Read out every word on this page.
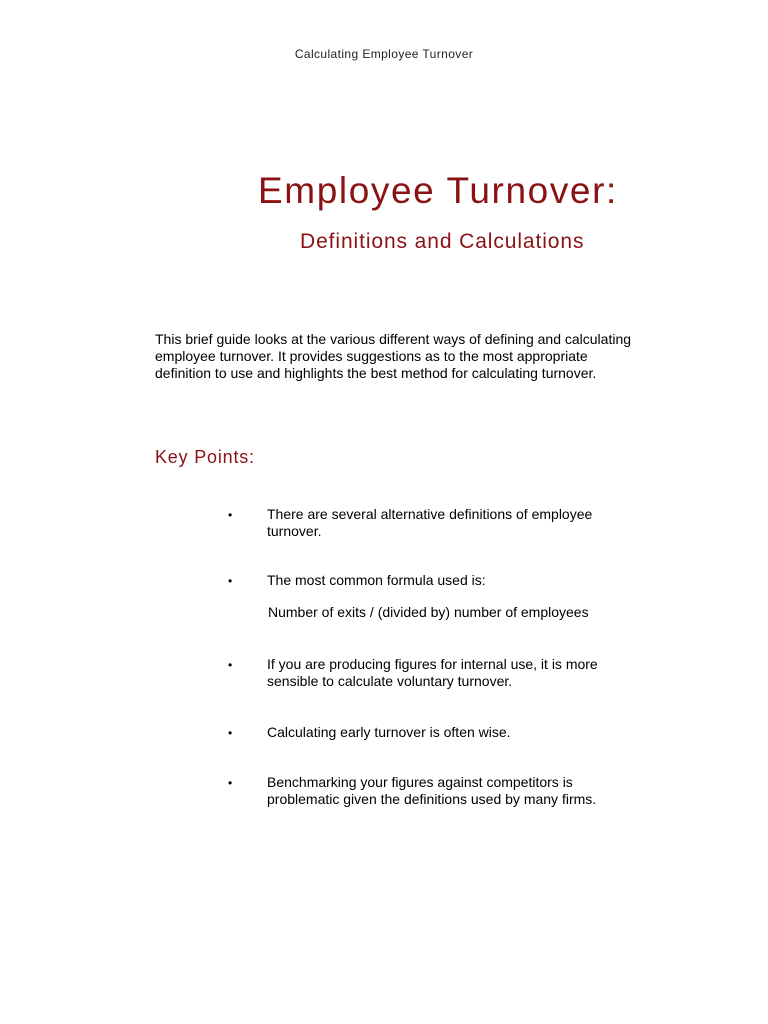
Calculating Employee Turnover
Employee Turnover:
Definitions and Calculations

This brief guide looks at the various different ways of defining and calculating employee turnover. It provides suggestions as to the most appropriate definition to use and highlights the best method for calculating turnover.

Key Points:
• There are several alternative definitions of employee turnover.
• The most common formula used is:
• If you are producing figures for internal use, it is more sensible to calculate voluntary turnover.
• Calculating early turnover is often wise.
• Benchmarking your figures against competitors is problematic given the definitions used by many firms.
Number of exits / (divided by) number of employees
